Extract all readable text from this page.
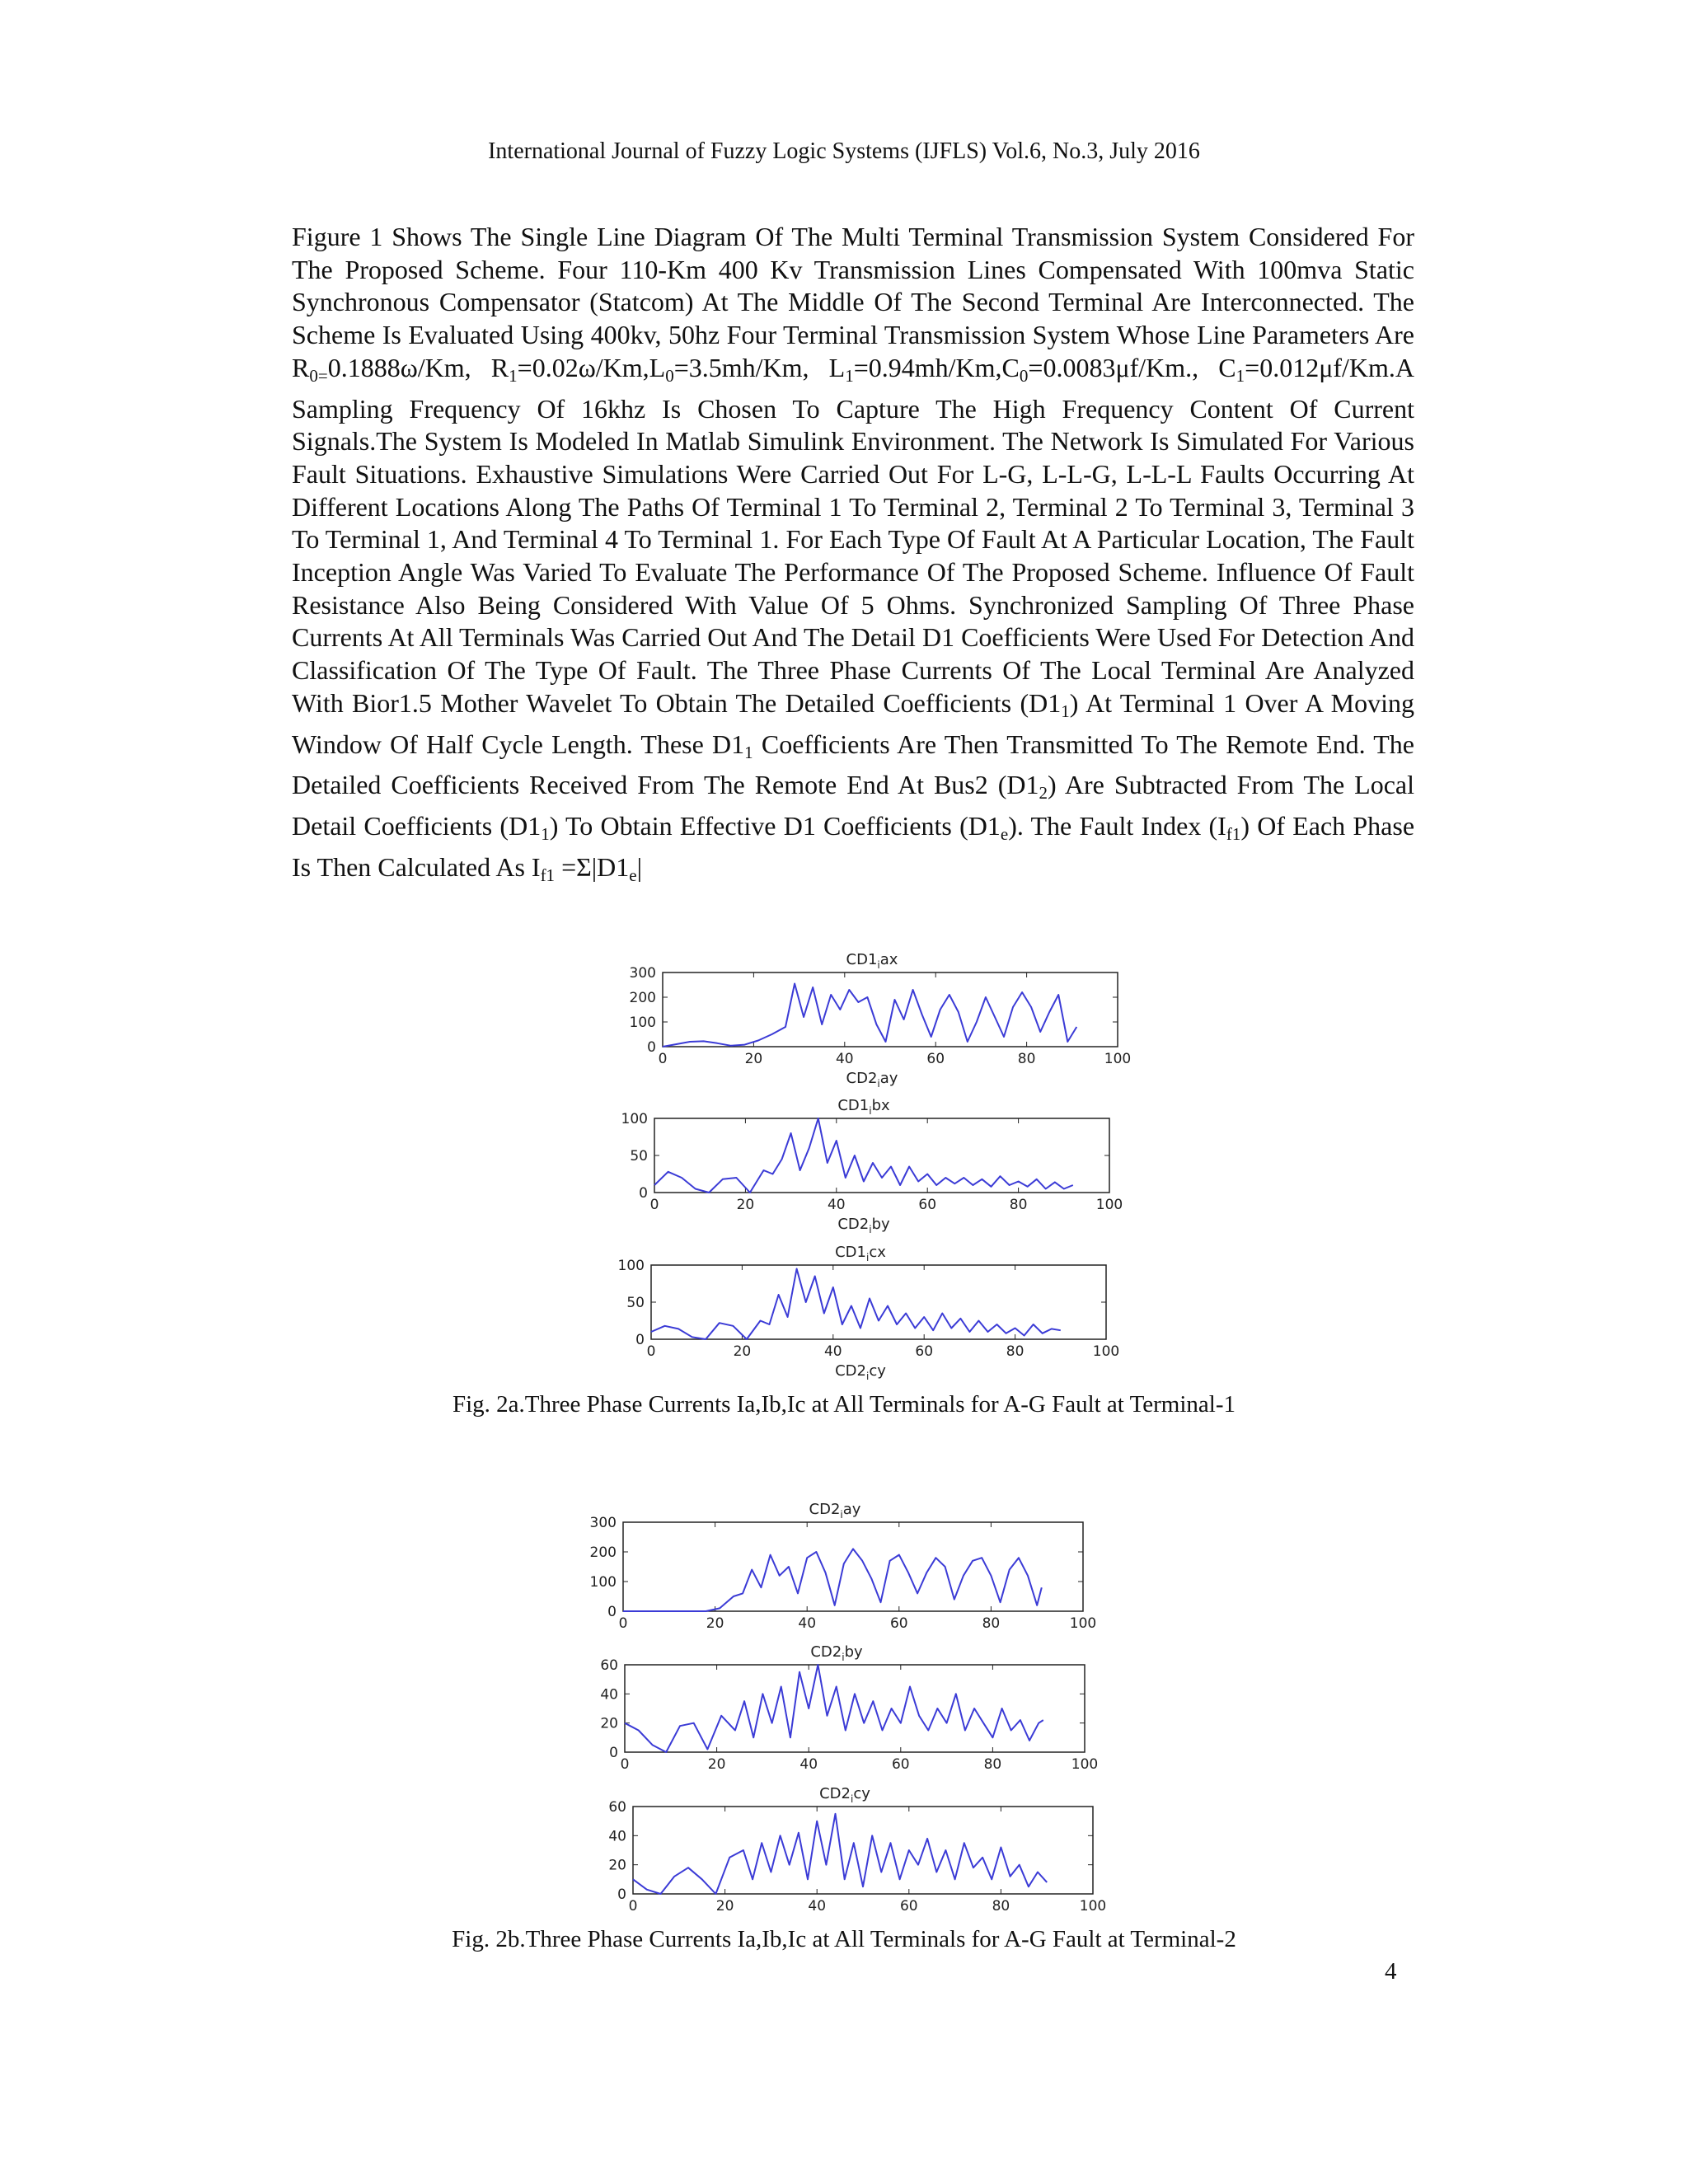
International Journal of Fuzzy Logic Systems (IJFLS) Vol.6, No.3, July 2016
Figure 1 Shows The Single Line Diagram Of The Multi Terminal Transmission System Considered For The Proposed Scheme. Four 110-Km 400 Kv Transmission Lines Compensated With 100mva Static Synchronous Compensator (Statcom) At The Middle Of The Second Terminal Are Interconnected. The Scheme Is Evaluated Using 400kv, 50hz Four Terminal Transmission System Whose Line Parameters Are $R_{0=}0.1888\omega/Km$, $R_1=0.02\omega/Km,L_0=3.5mh/Km$, $L_1=0.94mh/Km,C_0=0.0083\mu f/Km$., $C_1=0.012\mu f/Km.A$ Sampling Frequency Of 16khz Is Chosen To Capture The High Frequency Content Of Current Signals.The System Is Modeled In Matlab Simulink Environment. The Network Is Simulated For Various Fault Situations. Exhaustive Simulations Were Carried Out For L-G, L-L-G, L-L-L Faults Occurring At Different Locations Along The Paths Of Terminal 1 To Terminal 2, Terminal 2 To Terminal 3, Terminal 3 To Terminal 1, And Terminal 4 To Terminal 1. For Each Type Of Fault At A Particular Location, The Fault Inception Angle Was Varied To Evaluate The Performance Of The Proposed Scheme. Influence Of Fault Resistance Also Being Considered With Value Of 5 Ohms. Synchronized Sampling Of Three Phase Currents At All Terminals Was Carried Out And The Detail D1 Coefficients Were Used For Detection And Classification Of The Type Of Fault. The Three Phase Currents Of The Local Terminal Are Analyzed With Bior1.5 Mother Wavelet To Obtain The Detailed Coefficients $(D1_1)$ At Terminal 1 Over A Moving Window Of Half Cycle Length. These $D1_1$ Coefficients Are Then Transmitted To The Remote End. The Detailed Coefficients Received From The Remote End At Bus2 $(D1_2)$ Are Subtracted From The Local Detail Coefficients $(D1_1)$ To Obtain Effective D1 Coefficients $(D1_e)$. The Fault Index $(I_{f1})$ Of Each Phase Is Then Calculated As $I_{f1} =\Sigma|D1_e|$
$CD1_iax$
0
100
200
300
0	20	40	60	80	100
$CD2_iay$
$CD1_ibx$
0
50
100
0	20	40	60	80	100
$CD2_iby$
$CD1_icx$
0
50
100
0	20	40	60	80	100
$CD2_icy$
$CD2_iay$
0
100
200
300
0	20	40	60	80	100
$CD2_iby$
0
20
40
60
0	20	40	60	80	100
$CD2_icy$
0
20
40
60
0	20	40	60	80	100
Fig. 2a.Three Phase Currents Ia,Ib,Ic at All Terminals for A-G Fault at Terminal-1
Fig. 2b.Three Phase Currents Ia,Ib,Ic at All Terminals for A-G Fault at Terminal-2
4
